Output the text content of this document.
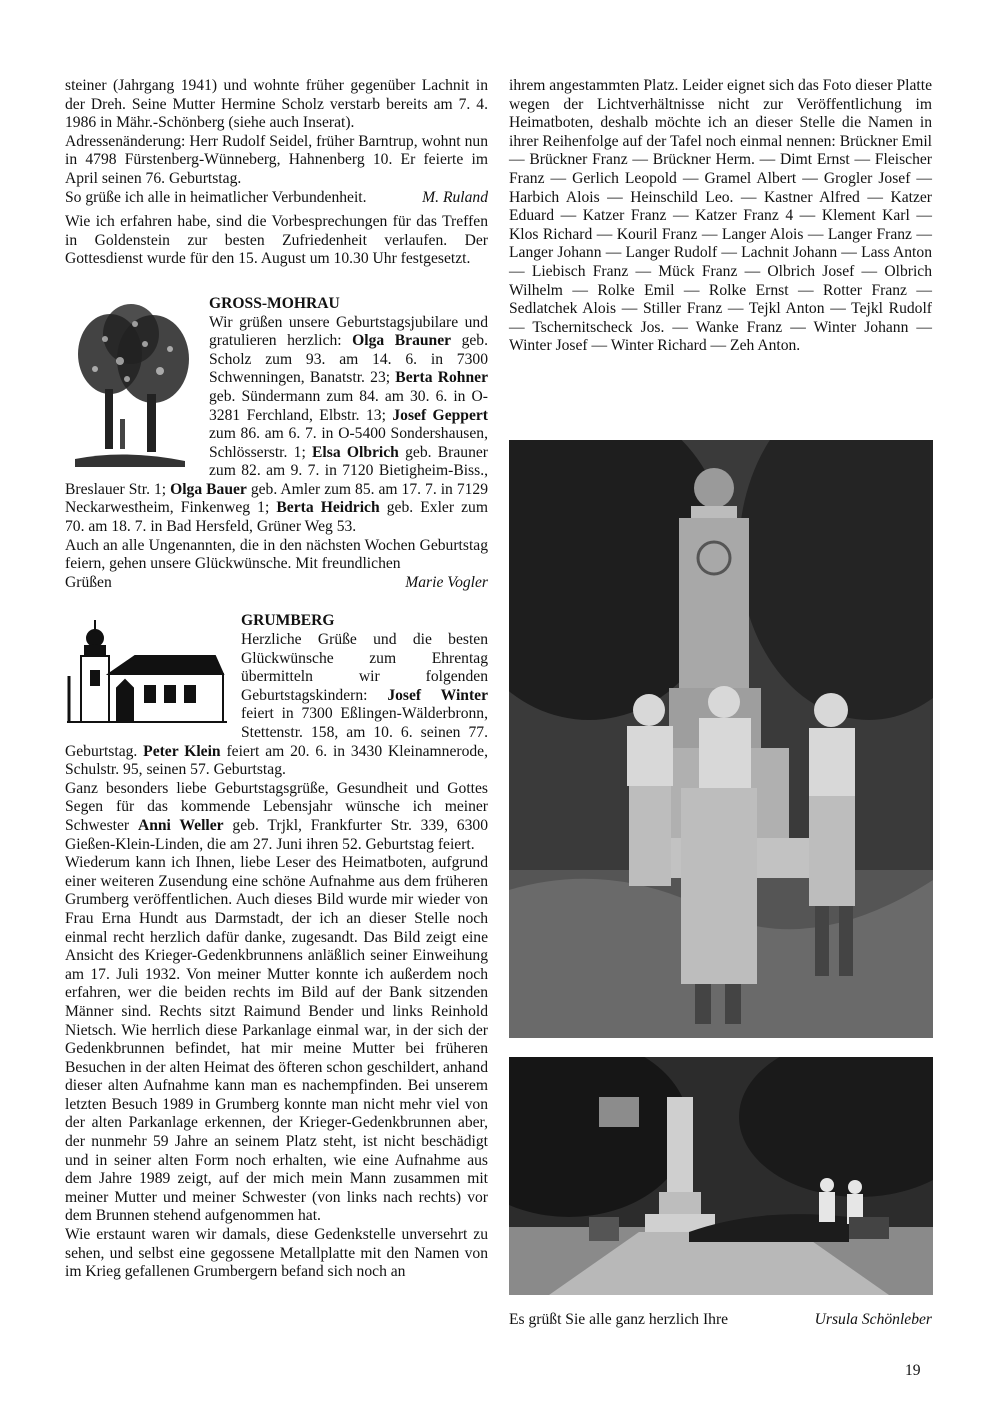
steiner (Jahrgang 1941) und wohnte früher gegenüber Lachnit in der Dreh. Seine Mutter Hermine Scholz verstarb bereits am 7. 4. 1986 in Mähr.-Schönberg (siehe auch Inserat).

Adressenänderung: Herr Rudolf Seidel, früher Barntrup, wohnt nun in 4798 Fürstenberg-Wünneberg, Hahnenberg 10. Er feierte im April seinen 76. Geburtstag.

So grüße ich alle in heimatlicher Verbundenheit.	M. Ruland

Wie ich erfahren habe, sind die Vorbesprechungen für das Treffen in Goldenstein zur besten Zufriedenheit verlaufen. Der Gottesdienst wurde für den 15. August um 10.30 Uhr festgesetzt.

GROSS-MOHRAU

Wir grüßen unsere Geburtstagsjubilare und gratulieren herzlich: Olga Brauner geb. Scholz zum 93. am 14. 6. in 7300 Schwenningen, Banatstr. 23; Berta Rohner geb. Sündermann zum 84. am 30. 6. in O-3281 Ferchland, Elbstr. 13; Josef Geppert zum 86. am 6. 7. in O-5400 Sondershausen, Schlösserstr. 1; Elsa Olbrich geb. Brauner zum 82. am 9. 7. in 7120 Bietigheim-Biss., Breslauer Str. 1; Olga Bauer geb. Amler zum 85. am 17. 7. in 7129 Neckarwestheim, Finkenweg 1; Berta Heidrich geb. Exler zum 70. am 18. 7. in Bad Hersfeld, Grüner Weg 53.

Auch an alle Ungenannten, die in den nächsten Wochen Geburtstag feiern, gehen unsere Glückwünsche. Mit freundlichen

Grüßen	Marie Vogler

GRUMBERG

Herzliche Grüße und die besten Glückwünsche zum Ehrentag übermitteln wir folgenden Geburtstagskindern: Josef Winter feiert in 7300 Eßlingen-Wälderbronn, Stettenstr. 158, am 10. 6. seinen 77. Geburtstag. Peter Klein feiert am 20. 6. in 3430 Kleinamnerode, Schulstr. 95, seinen 57. Geburtstag.

Ganz besonders liebe Geburtstagsgrüße, Gesundheit und Gottes Segen für das kommende Lebensjahr wünsche ich meiner Schwester Anni Weller geb. Trjkl, Frankfurter Str. 339, 6300 Gießen-Klein-Linden, die am 27. Juni ihren 52. Geburtstag feiert.

Wiederum kann ich Ihnen, liebe Leser des Heimatboten, aufgrund einer weiteren Zusendung eine schöne Aufnahme aus dem früheren Grumberg veröffentlichen. Auch dieses Bild wurde mir wieder von Frau Erna Hundt aus Darmstadt, der ich an dieser Stelle noch einmal recht herzlich dafür danke, zugesandt. Das Bild zeigt eine Ansicht des Krieger-Gedenkbrunnens anläßlich seiner Einweihung am 17. Juli 1932. Von meiner Mutter konnte ich außerdem noch erfahren, wer die beiden rechts im Bild auf der Bank sitzenden Männer sind. Rechts sitzt Raimund Bender und links Reinhold Nietsch. Wie herrlich diese Parkanlage einmal war, in der sich der Gedenkbrunnen befindet, hat mir meine Mutter bei früheren Besuchen in der alten Heimat des öfteren schon geschildert, anhand dieser alten Aufnahme kann man es nachempfinden. Bei unserem letzten Besuch 1989 in Grumberg konnte man nicht mehr viel von der alten Parkanlage erkennen, der Krieger-Gedenkbrunnen aber, der nunmehr 59 Jahre an seinem Platz steht, ist nicht beschädigt und in seiner alten Form noch erhalten, wie eine Aufnahme aus dem Jahre 1989 zeigt, auf der mich mein Mann zusammen mit meiner Mutter und meiner Schwester (von links nach rechts) vor dem Brunnen stehend aufgenommen hat.

Wie erstaunt waren wir damals, diese Gedenkstelle unversehrt zu sehen, und selbst eine gegossene Metallplatte mit den Namen von im Krieg gefallenen Grumbergern befand sich noch an

ihrem angestammten Platz. Leider eignet sich das Foto dieser Platte wegen der Lichtverhältnisse nicht zur Veröffentlichung im Heimatboten, deshalb möchte ich an dieser Stelle die Namen in ihrer Reihenfolge auf der Tafel noch einmal nennen: Brückner Emil — Brückner Franz — Brückner Herm. — Dimt Ernst — Fleischer Franz — Gerlich Leopold — Gramel Albert — Grogler Josef — Harbich Alois — Heinschild Leo. — Kastner Alfred — Katzer Eduard — Katzer Franz — Katzer Franz 4 — Klement Karl — Klos Richard — Kouril Franz — Langer Alois — Langer Franz — Langer Johann — Langer Rudolf — Lachnit Johann — Lass Anton — Liebisch Franz — Mück Franz — Olbrich Josef — Olbrich Wilhelm — Rolke Emil — Rolke Ernst — Rotter Franz — Sedlatchek Alois — Stiller Franz — Tejkl Anton — Tejkl Rudolf — Tschernitscheck Jos. — Wanke Franz — Winter Johann — Winter Josef — Winter Richard — Zeh Anton.

Es grüßt Sie alle ganz herzlich Ihre	Ursula Schönleber
19
